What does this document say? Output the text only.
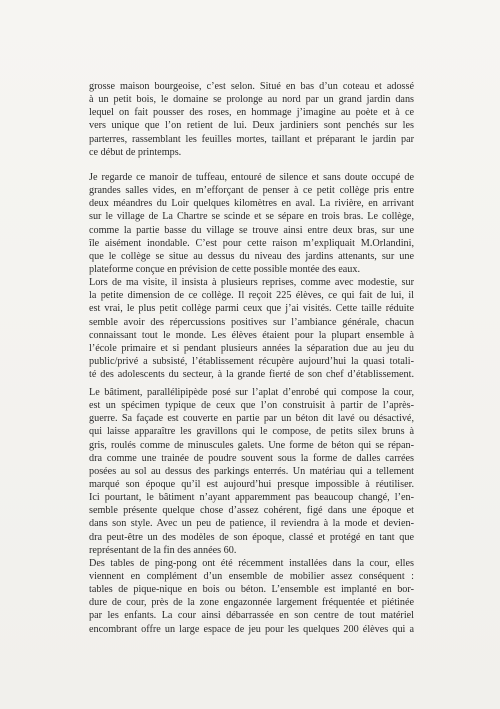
grosse maison bourgeoise, c’est selon. Situé en bas d’un coteau et adossé
à un petit bois, le domaine se prolonge au nord par un grand jardin dans
lequel on fait pousser des roses, en hommage j’imagine au poète et à ce
vers unique que l’on retient de lui. Deux jardiniers sont penchés sur les
parterres, rassemblant les feuilles mortes, taillant et préparant le jardin par
ce début de printemps.
Je regarde ce manoir de tuffeau, entouré de silence et sans doute occupé de
grandes salles vides, en m’efforçant de penser à ce petit collège pris entre
deux méandres du Loir quelques kilomètres en aval. La rivière, en arrivant
sur le village de La Chartre se scinde et se sépare en trois bras. Le collège,
comme la partie basse du village se trouve ainsi entre deux bras, sur une
île aisément inondable. C’est pour cette raison m’expliquait M.Orlandini,
que le collège se situe au dessus du niveau des jardins attenants, sur une
plateforme conçue en prévision de cette possible montée des eaux.
Lors de ma visite, il insista à plusieurs reprises, comme avec modestie, sur
la petite dimension de ce collège. Il reçoit 225 élèves, ce qui fait de lui, il
est vrai, le plus petit collège parmi ceux que j’ai visités. Cette taille réduite
semble avoir des répercussions positives sur l’ambiance générale, chacun
connaissant tout le monde. Les élèves étaient pour la plupart ensemble à
l’école primaire et si pendant plusieurs années la séparation due au jeu du
public/privé a subsisté, l’établissement récupère aujourd’hui la quasi totali-
té des adolescents du secteur, à la grande fierté de son chef d’établissement.
Le bâtiment, parallélipipède posé sur l’aplat d’enrobé qui compose la cour,
est un spécimen typique de ceux que l’on construisit à partir de l’après-
guerre. Sa façade est couverte en partie par un béton dit lavé ou désactivé,
qui laisse apparaître les gravillons qui le compose, de petits silex bruns à
gris, roulés comme de minuscules galets. Une forme de béton qui se répan-
dra comme une trainée de poudre souvent sous la forme de dalles carrées
posées au sol au dessus des parkings enterrés. Un matériau qui a tellement
marqué son époque qu’il est aujourd’hui presque impossible à réutiliser.
Ici pourtant, le bâtiment n’ayant apparemment pas beaucoup changé, l’en-
semble présente quelque chose d’assez cohérent, figé dans une époque et
dans son style. Avec un peu de patience, il reviendra à la mode et devien-
dra peut-être un des modèles de son époque, classé et protégé en tant que
représentant de la fin des années 60.
Des tables de ping-pong ont été récemment installées dans la cour, elles
viennent en complément d’un ensemble de mobilier assez conséquent :
tables de pique-nique en bois ou béton. L’ensemble est implanté en bor-
dure de cour, près de la zone engazonnée largement fréquentée et piétinée
par les enfants. La cour ainsi débarrassée en son centre de tout matériel
encombrant offre un large espace de jeu pour les quelques 200 élèves qui a
